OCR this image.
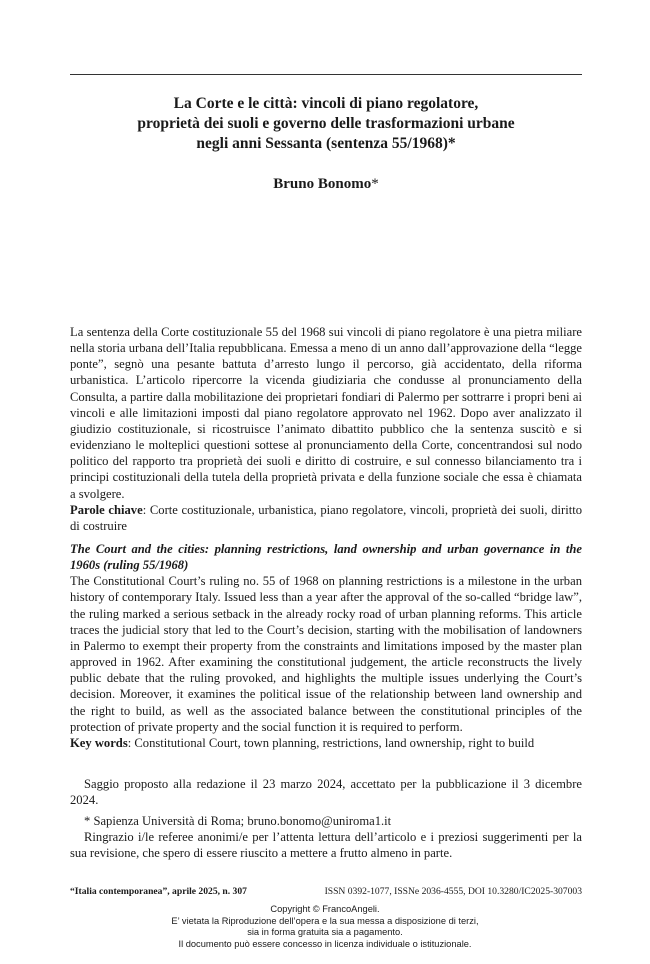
La Corte e le città: vincoli di piano regolatore,
proprietà dei suoli e governo delle trasformazioni urbane
negli anni Sessanta (sentenza 55/1968)*
Bruno Bonomo*
La sentenza della Corte costituzionale 55 del 1968 sui vincoli di piano regolatore è una pietra miliare nella storia urbana dell’Italia repubblicana. Emessa a meno di un anno dall’approvazione della “legge ponte”, segnò una pesante battuta d’arresto lungo il percorso, già accidentato, della riforma urbanistica. L’articolo ripercorre la vicenda giudiziaria che condusse al pronunciamento della Consulta, a partire dalla mobilitazione dei proprietari fondiari di Palermo per sottrarre i propri beni ai vincoli e alle limitazioni imposti dal piano regolatore approvato nel 1962. Dopo aver analizzato il giudizio costituzionale, si ricostruisce l’animato dibattito pubblico che la sentenza suscitò e si evidenziano le molteplici questioni sottese al pronunciamento della Corte, concentrandosi sul nodo politico del rapporto tra proprietà dei suoli e diritto di costruire, e sul connesso bilanciamento tra i principi costituzionali della tutela della proprietà privata e della funzione sociale che essa è chiamata a svolgere.
Parole chiave: Corte costituzionale, urbanistica, piano regolatore, vincoli, proprietà dei suoli, diritto di costruire
The Court and the cities: planning restrictions, land ownership and urban governance in the 1960s (ruling 55/1968)
The Constitutional Court’s ruling no. 55 of 1968 on planning restrictions is a milestone in the urban history of contemporary Italy. Issued less than a year after the approval of the so-called “bridge law”, the ruling marked a serious setback in the already rocky road of urban planning reforms. This article traces the judicial story that led to the Court’s decision, starting with the mobilisation of landowners in Palermo to exempt their property from the constraints and limitations imposed by the master plan approved in 1962. After examining the constitutional judgement, the article reconstructs the lively public debate that the ruling provoked, and highlights the multiple issues underlying the Court’s decision. Moreover, it examines the political issue of the relationship between land ownership and the right to build, as well as the associated balance between the constitutional principles of the protection of private property and the social function it is required to perform.
Key words: Constitutional Court, town planning, restrictions, land ownership, right to build
Saggio proposto alla redazione il 23 marzo 2024, accettato per la pubblicazione il 3 dicembre 2024.
* Sapienza Università di Roma; bruno.bonomo@uniroma1.it
Ringrazio i/le referee anonimi/e per l’attenta lettura dell’articolo e i preziosi suggerimenti per la sua revisione, che spero di essere riuscito a mettere a frutto almeno in parte.
“Italia contemporanea”, aprile 2025, n. 307	ISSN 0392-1077, ISSNe 2036-4555, DOI 10.3280/IC2025-307003
Copyright © FrancoAngeli.
E’ vietata la Riproduzione dell’opera e la sua messa a disposizione di terzi,
sia in forma gratuita sia a pagamento.
Il documento può essere concesso in licenza individuale o istituzionale.
